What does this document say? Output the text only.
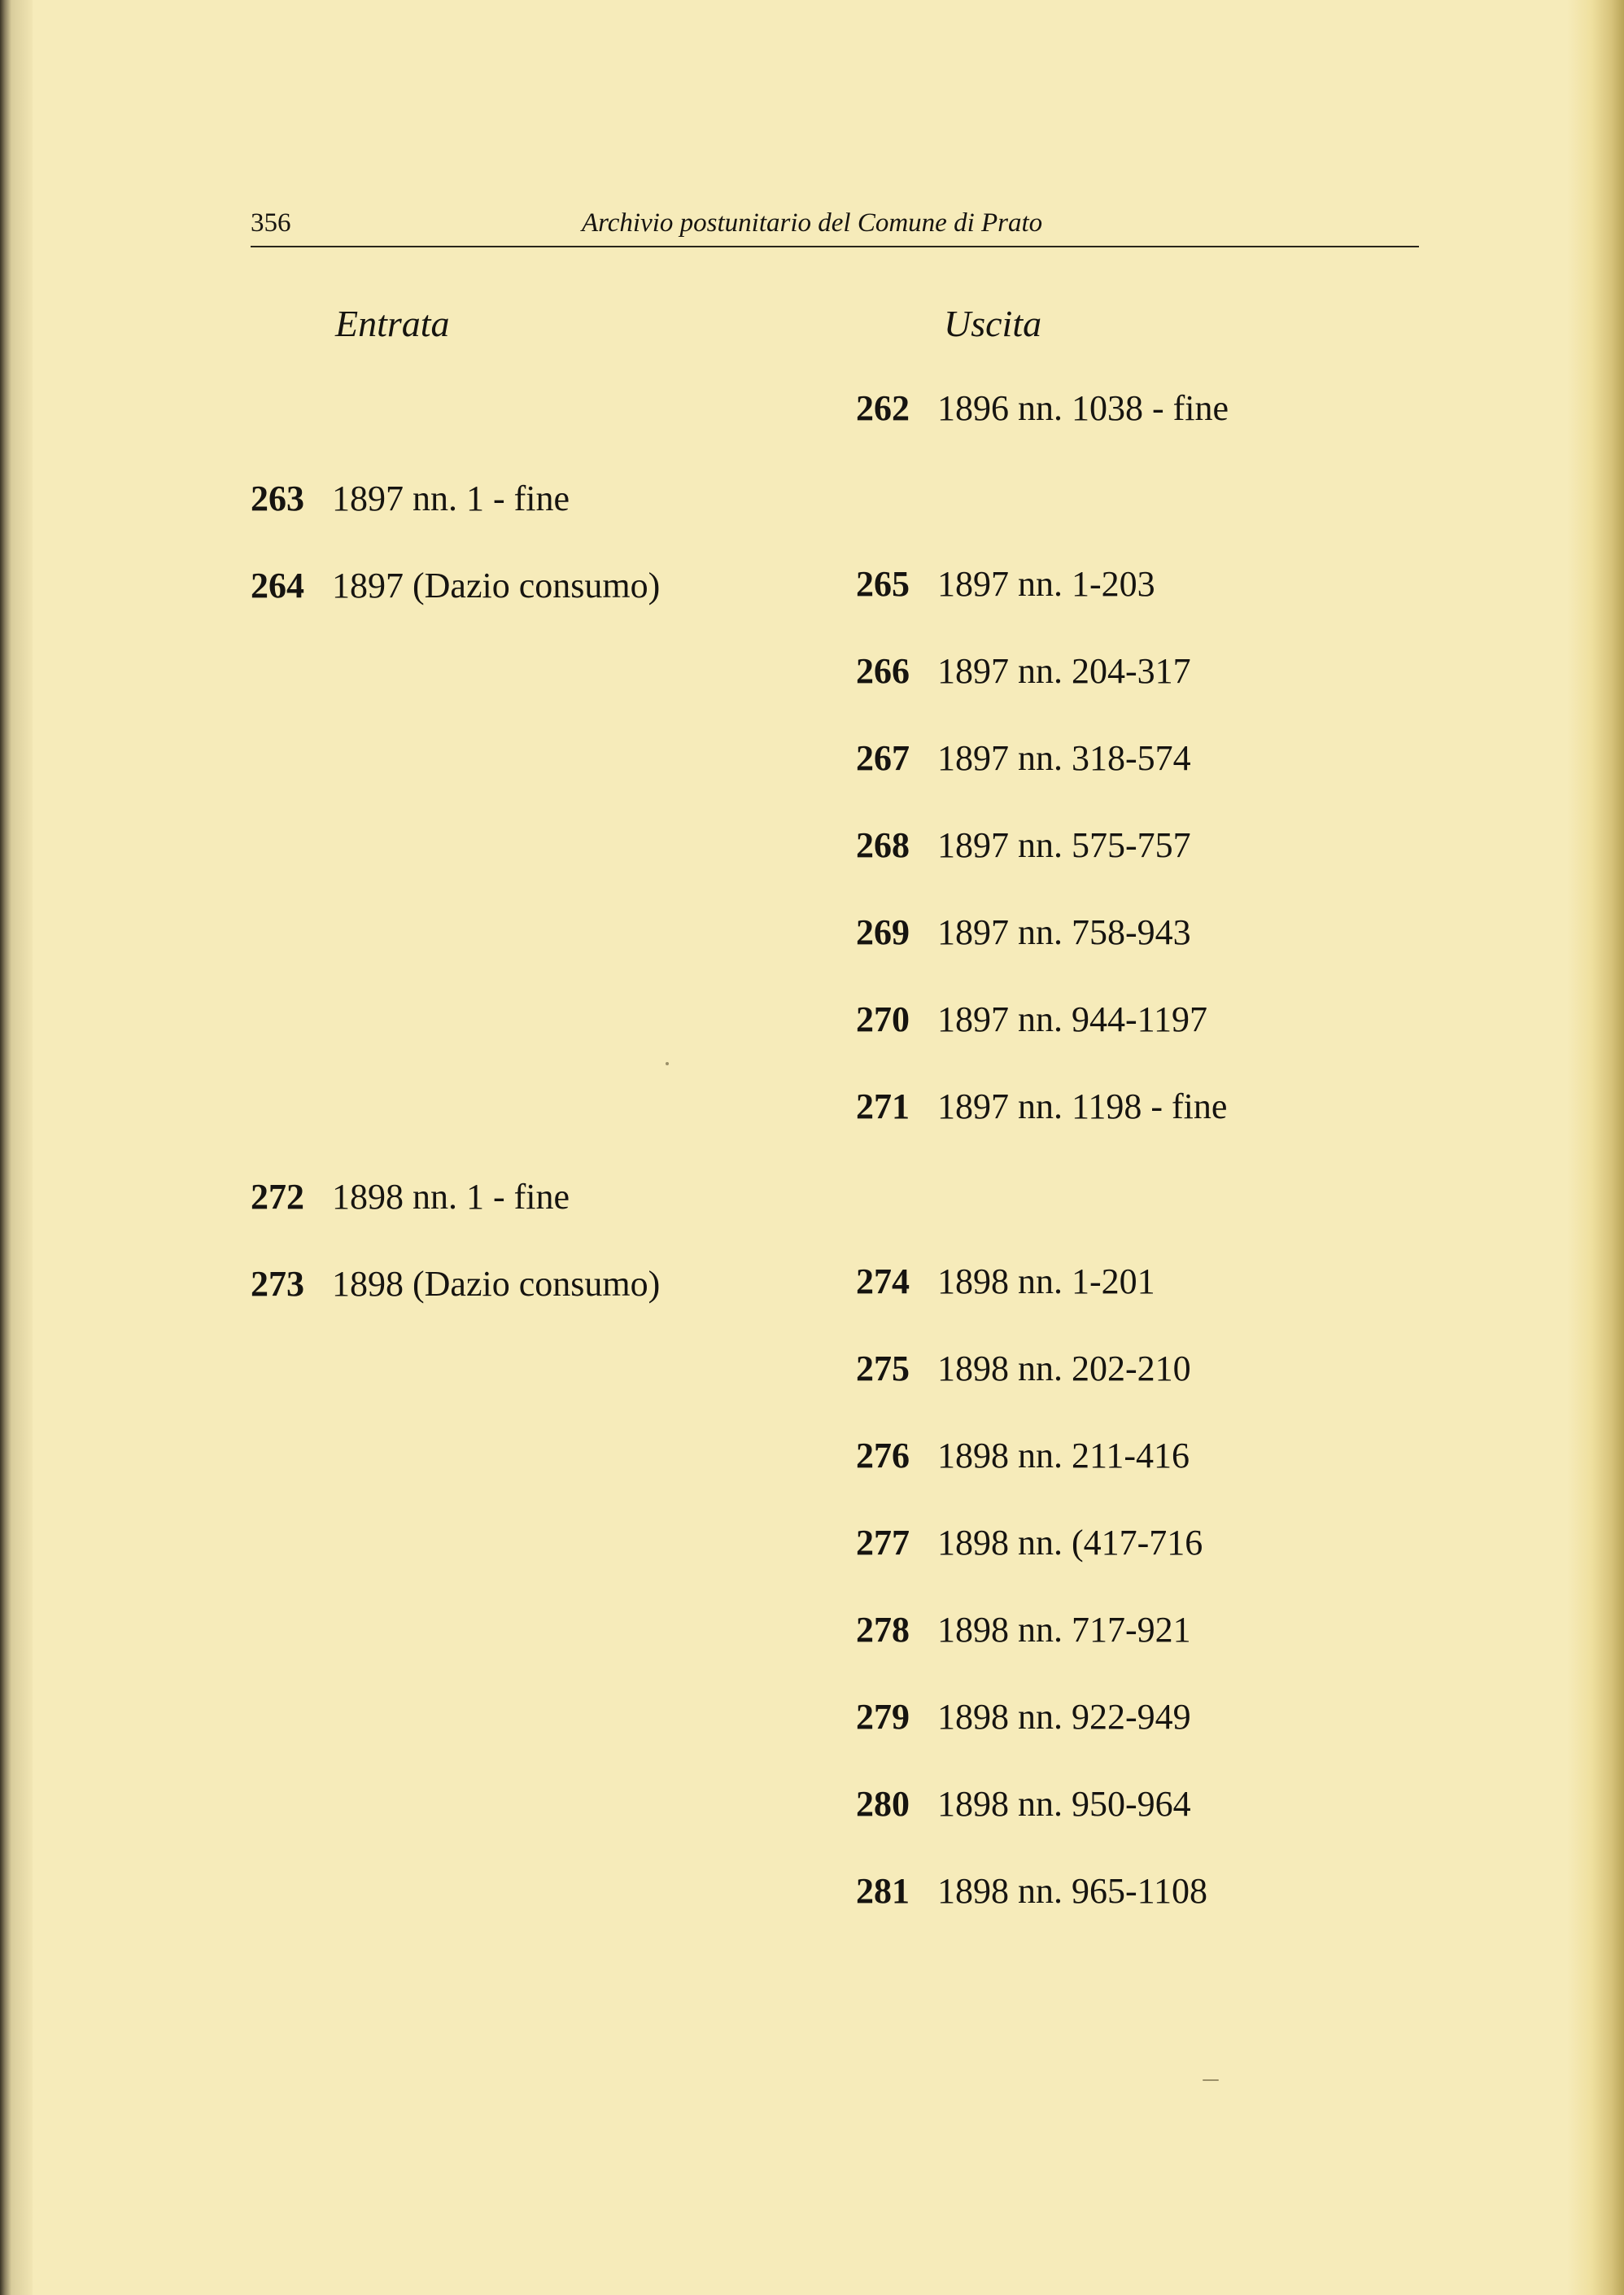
356	Archivio postunitario del Comune di Prato
Entrata	Uscita
263 1897 nn. 1 - fine
264 1897 (Dazio consumo)
272 1898 nn. 1 - fine
273 1898 (Dazio consumo)
262 1896 nn. 1038 - fine
265 1897 nn. 1-203
266 1897 nn. 204-317
267 1897 nn. 318-574
268 1897 nn. 575-757
269 1897 nn. 758-943
270 1897 nn. 944-1197
271 1897 nn. 1198 - fine
274 1898 nn. 1-201
275 1898 nn. 202-210
276 1898 nn. 211-416
277 1898 nn. (417-716
278 1898 nn. 717-921
279 1898 nn. 922-949
280 1898 nn. 950-964
281 1898 nn. 965-1108
